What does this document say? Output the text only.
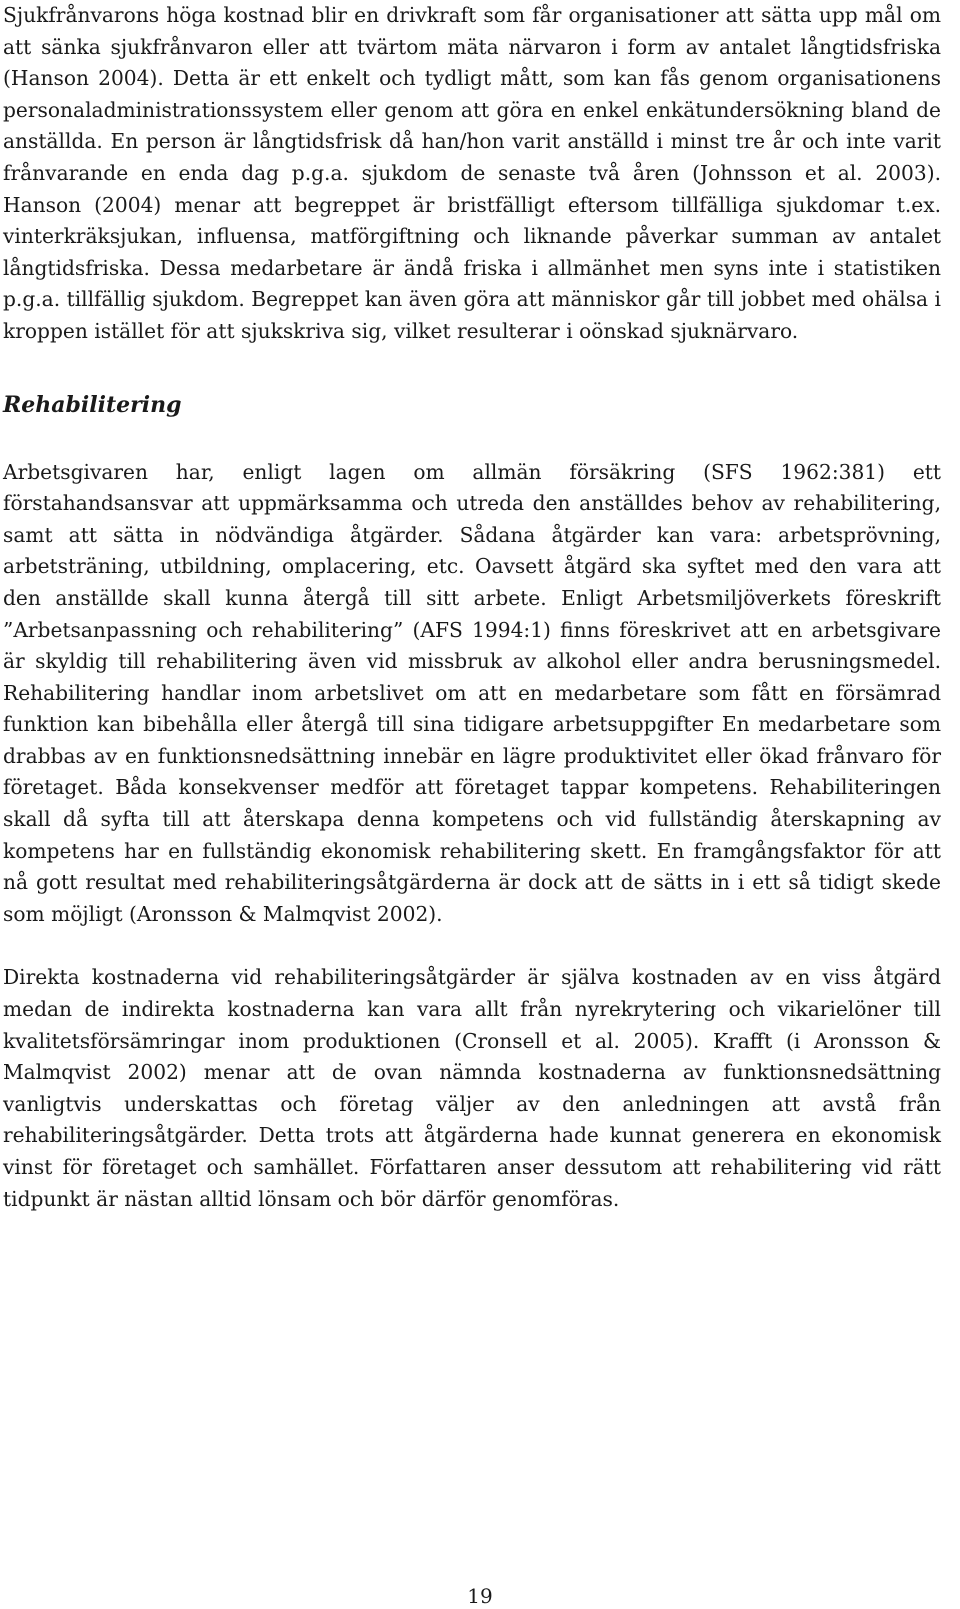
Sjukfrånvarons höga kostnad blir en drivkraft som får organisationer att sätta upp mål om att sänka sjukfrånvaron eller att tvärtom mäta närvaron i form av antalet långtidsfriska (Hanson 2004). Detta är ett enkelt och tydligt mått, som kan fås genom organisationens personaladministrationssystem eller genom att göra en enkel enkätundersökning bland de anställda. En person är långtidsfrisk då han/hon varit anställd i minst tre år och inte varit frånvarande en enda dag p.g.a. sjukdom de senaste två åren (Johnsson et al. 2003). Hanson (2004) menar att begreppet är bristfälligt eftersom tillfälliga sjukdomar t.ex. vinterkräksjukan, influensa, matförgiftning och liknande påverkar summan av antalet långtidsfriska. Dessa medarbetare är ändå friska i allmänhet men syns inte i statistiken p.g.a. tillfällig sjukdom. Begreppet kan även göra att människor går till jobbet med ohälsa i kroppen istället för att sjukskriva sig, vilket resulterar i oönskad sjuknärvaro.

Rehabilitering

Arbetsgivaren har, enligt lagen om allmän försäkring (SFS 1962:381) ett förstahandsansvar att uppmärksamma och utreda den anställdes behov av rehabilitering, samt att sätta in nödvändiga åtgärder. Sådana åtgärder kan vara: arbetsprövning, arbetsträning, utbildning, omplacering, etc. Oavsett åtgärd ska syftet med den vara att den anställde skall kunna återgå till sitt arbete. Enligt Arbetsmiljöverkets föreskrift ”Arbetsanpassning och rehabilitering” (AFS 1994:1) finns föreskrivet att en arbetsgivare är skyldig till rehabilitering även vid missbruk av alkohol eller andra berusningsmedel. Rehabilitering handlar inom arbetslivet om att en medarbetare som fått en försämrad funktion kan bibehålla eller återgå till sina tidigare arbetsuppgifter En medarbetare som drabbas av en funktionsnedsättning innebär en lägre produktivitet eller ökad frånvaro för företaget. Båda konsekvenser medför att företaget tappar kompetens. Rehabiliteringen skall då syfta till att återskapa denna kompetens och vid fullständig återskapning av kompetens har en fullständig ekonomisk rehabilitering skett. En framgångsfaktor för att nå gott resultat med rehabiliteringsåtgärderna är dock att de sätts in i ett så tidigt skede som möjligt (Aronsson & Malmqvist 2002).

Direkta kostnaderna vid rehabiliteringsåtgärder är själva kostnaden av en viss åtgärd medan de indirekta kostnaderna kan vara allt från nyrekrytering och vikarielöner till kvalitetsförsämringar inom produktionen (Cronsell et al. 2005). Krafft (i Aronsson & Malmqvist 2002) menar att de ovan nämnda kostnaderna av funktionsnedsättning vanligtvis underskattas och företag väljer av den anledningen att avstå från rehabiliteringsåtgärder. Detta trots att åtgärderna hade kunnat generera en ekonomisk vinst för företaget och samhället. Författaren anser dessutom att rehabilitering vid rätt tidpunkt är nästan alltid lönsam och bör därför genomföras.

19
